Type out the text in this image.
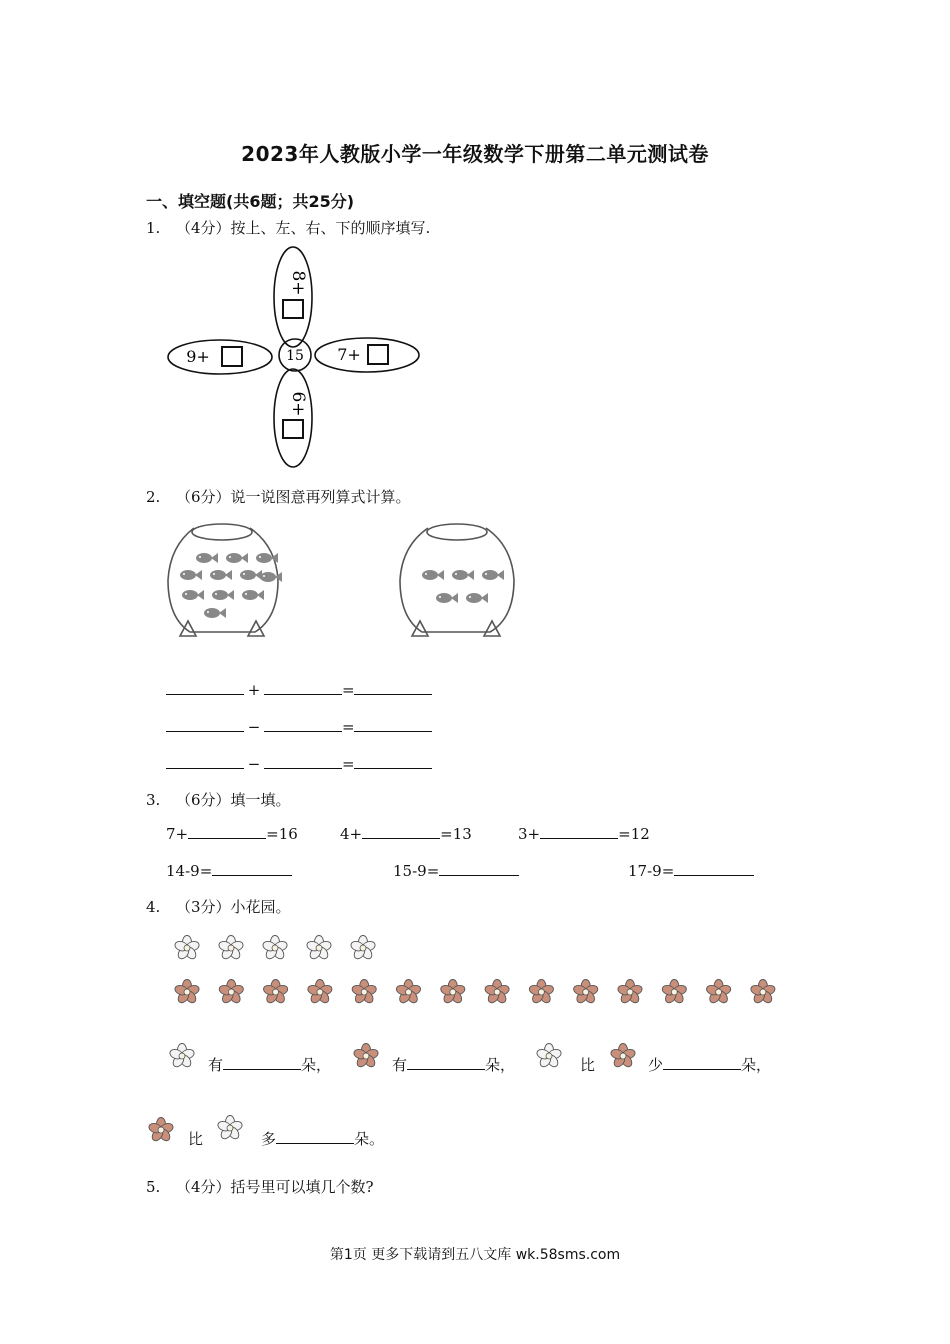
2023年人教版小学一年级数学下册第二单元测试卷
一、填空题(共6题；共25分)
1. （4分）按上、左、右、下的顺序填写.
15
8+
9+	7+
6+
2. （6分）说一说图意再列算式计算。
+	=
−	=
−	=
3. （6分）填一填。
7+	=16	4+	=13	3+	=12
14-9=	15-9=	17-9=
4. （3分）小花园。
有	朵，	有	朵，	比	少	朵，
比	多	朵。
5. （4分）括号里可以填几个数?
第1页 更多下载请到五八文库 wk.58sms.com
